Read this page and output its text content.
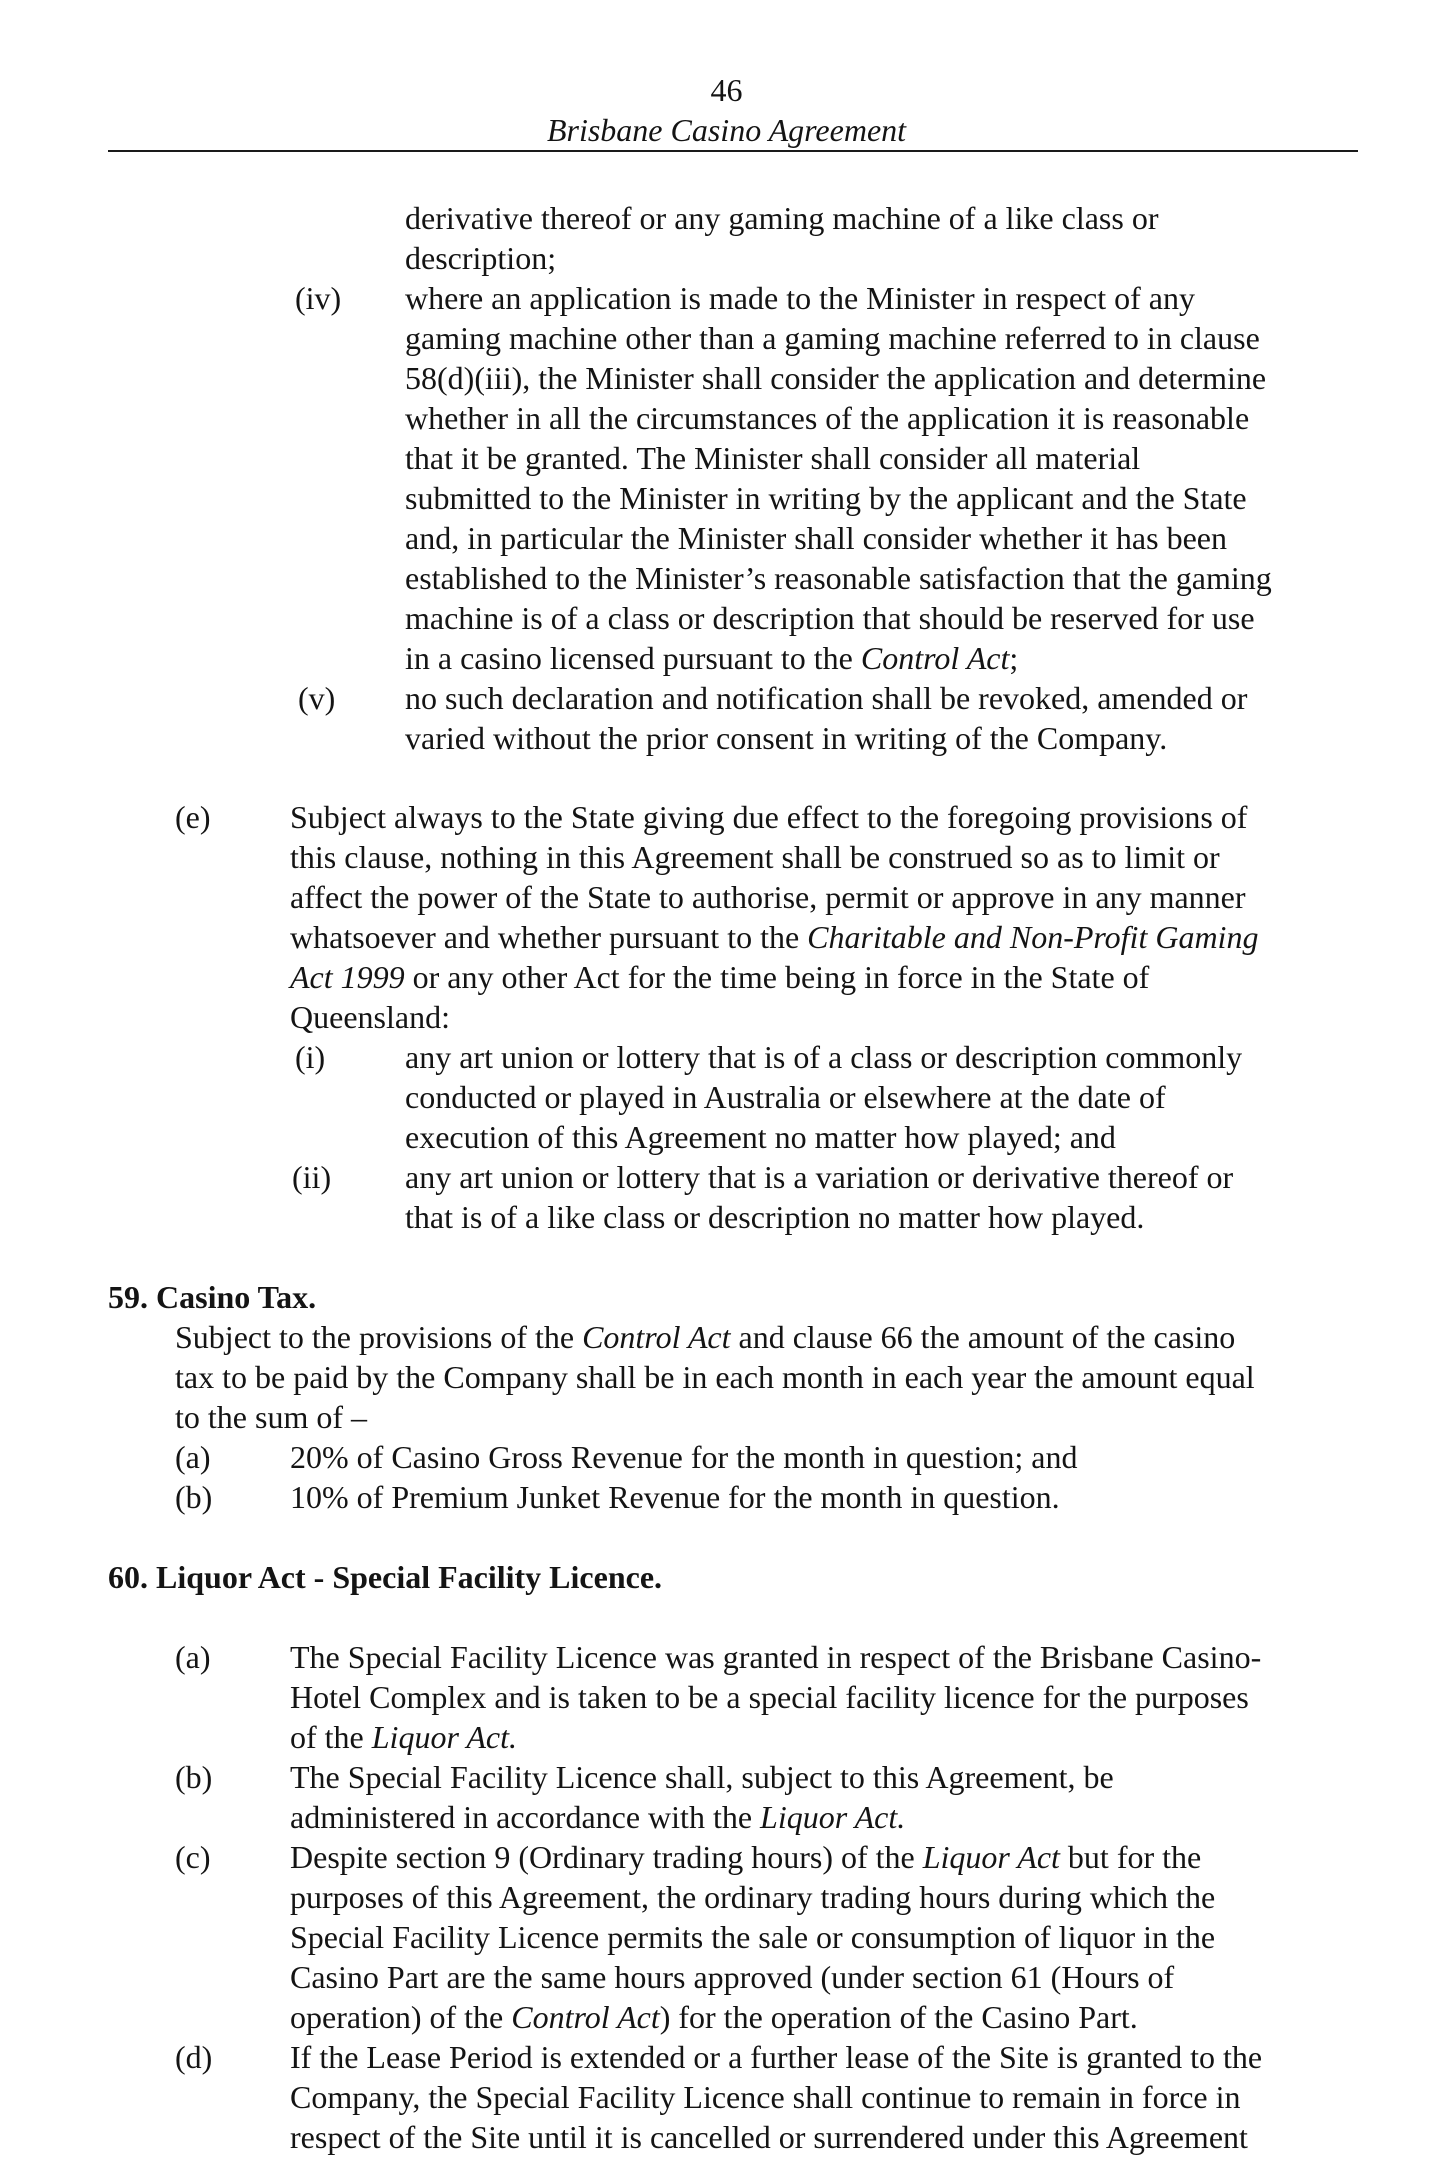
46
Brisbane Casino Agreement
derivative thereof or any gaming machine of a like class or
description;
(iv) where an application is made to the Minister in respect of any
gaming machine other than a gaming machine referred to in clause
58(d)(iii), the Minister shall consider the application and determine
whether in all the circumstances of the application it is reasonable
that it be granted. The Minister shall consider all material
submitted to the Minister in writing by the applicant and the State
and, in particular the Minister shall consider whether it has been
established to the Minister’s reasonable satisfaction that the gaming
machine is of a class or description that should be reserved for use
in a casino licensed pursuant to the Control Act;
(v) no such declaration and notification shall be revoked, amended or
varied without the prior consent in writing of the Company.
(e) Subject always to the State giving due effect to the foregoing provisions of
this clause, nothing in this Agreement shall be construed so as to limit or
affect the power of the State to authorise, permit or approve in any manner
whatsoever and whether pursuant to the Charitable and Non-Profit Gaming
Act 1999 or any other Act for the time being in force in the State of
Queensland:
(i) any art union or lottery that is of a class or description commonly
conducted or played in Australia or elsewhere at the date of
execution of this Agreement no matter how played; and
(ii) any art union or lottery that is a variation or derivative thereof or
that is of a like class or description no matter how played.
59. Casino Tax.
Subject to the provisions of the Control Act and clause 66 the amount of the casino
tax to be paid by the Company shall be in each month in each year the amount equal
to the sum of –
(a) 20% of Casino Gross Revenue for the month in question; and
(b) 10% of Premium Junket Revenue for the month in question.
60. Liquor Act - Special Facility Licence.
(a) The Special Facility Licence was granted in respect of the Brisbane Casino-
Hotel Complex and is taken to be a special facility licence for the purposes
of the Liquor Act.
(b) The Special Facility Licence shall, subject to this Agreement, be
administered in accordance with the Liquor Act.
(c) Despite section 9 (Ordinary trading hours) of the Liquor Act but for the
purposes of this Agreement, the ordinary trading hours during which the
Special Facility Licence permits the sale or consumption of liquor in the
Casino Part are the same hours approved (under section 61 (Hours of
operation) of the Control Act) for the operation of the Casino Part.
(d) If the Lease Period is extended or a further lease of the Site is granted to the
Company, the Special Facility Licence shall continue to remain in force in
respect of the Site until it is cancelled or surrendered under this Agreement
